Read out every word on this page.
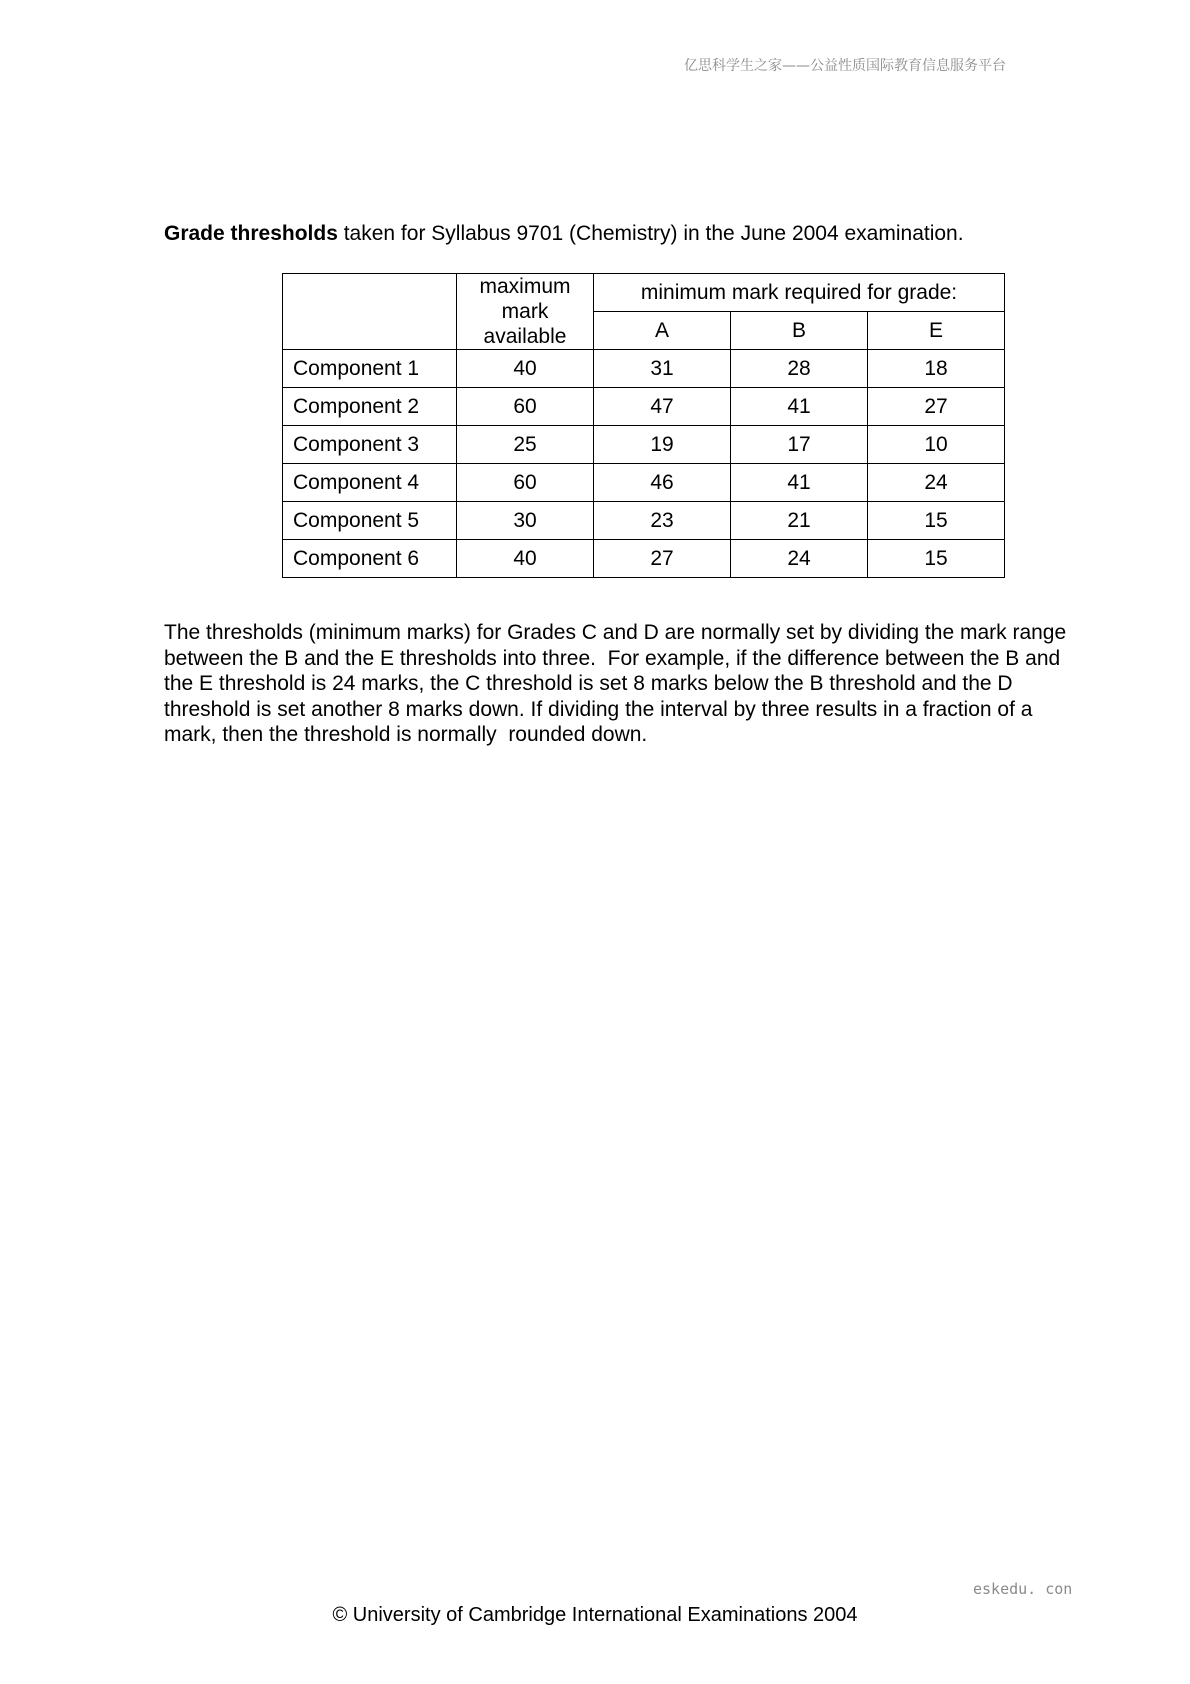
亿思科学生之家——公益性质国际教育信息服务平台
Grade thresholds taken for Syllabus 9701 (Chemistry) in the June 2004 examination.
	maximum
mark
available	minimum mark required for grade:		
		A	B	E
Component 1	40	31	28	18
Component 2	60	47	41	27
Component 3	25	19	17	10
Component 4	60	46	41	24
Component 5	30	23	21	15
Component 6	40	27	24	15
The thresholds (minimum marks) for Grades C and D are normally set by dividing the mark range
between the B and the E thresholds into three.  For example, if the difference between the B and
the E threshold is 24 marks, the C threshold is set 8 marks below the B threshold and the D
threshold is set another 8 marks down. If dividing the interval by three results in a fraction of a
mark, then the threshold is normally  rounded down.
eskedu. con
© University of Cambridge International Examinations 2004
